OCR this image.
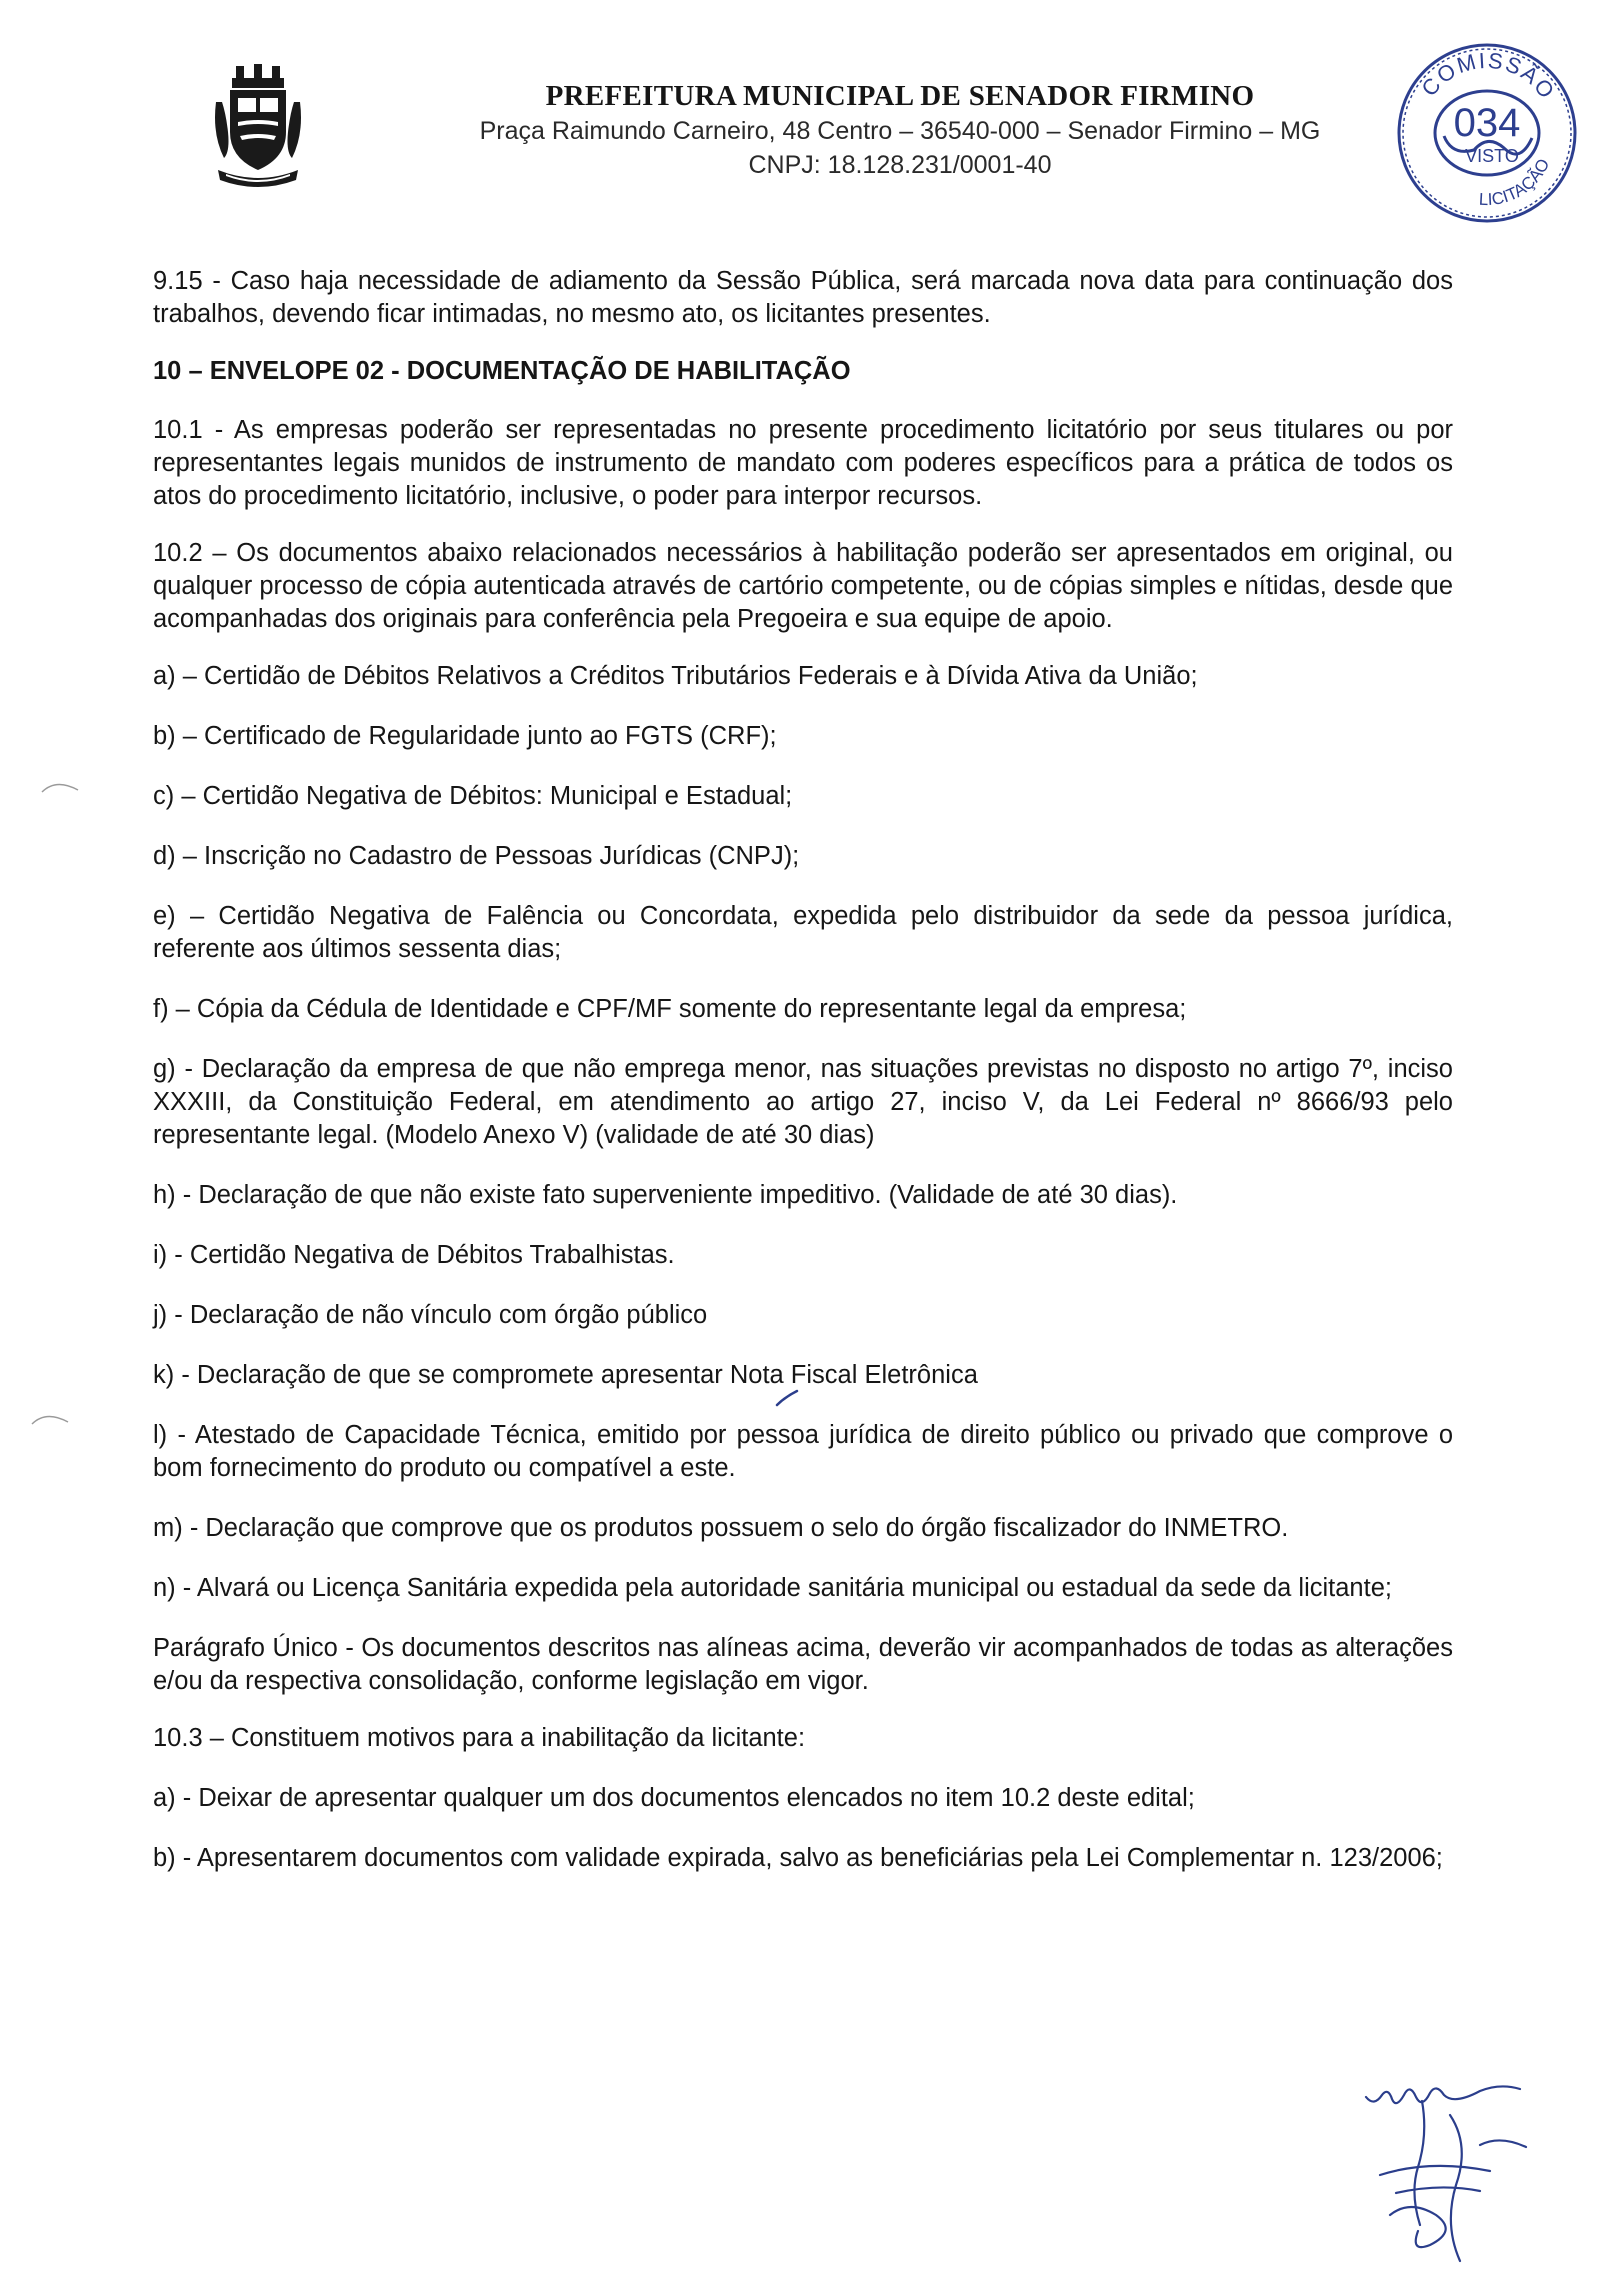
PREFEITURA MUNICIPAL DE SENADOR FIRMINO
Praça Raimundo Carneiro, 48 Centro – 36540-000 – Senador Firmino – MG
CNPJ: 18.128.231/0001-40
COMISSÃO
034
VISTO
LICITAÇÃO

9.15 - Caso haja necessidade de adiamento da Sessão Pública, será marcada nova data para continuação dos trabalhos, devendo ficar intimadas, no mesmo ato, os licitantes presentes.

10 – ENVELOPE 02 - DOCUMENTAÇÃO DE HABILITAÇÃO

10.1 - As empresas poderão ser representadas no presente procedimento licitatório por seus titulares ou por representantes legais munidos de instrumento de mandato com poderes específicos para a prática de todos os atos do procedimento licitatório, inclusive, o poder para interpor recursos.

10.2 – Os documentos abaixo relacionados necessários à habilitação poderão ser apresentados em original, ou qualquer processo de cópia autenticada através de cartório competente, ou de cópias simples e nítidas, desde que acompanhadas dos originais para conferência pela Pregoeira e sua equipe de apoio.

a) – Certidão de Débitos Relativos a Créditos Tributários Federais e à Dívida Ativa da União;

b) – Certificado de Regularidade junto ao FGTS (CRF);

c) – Certidão Negativa de Débitos: Municipal e Estadual;

d) – Inscrição no Cadastro de Pessoas Jurídicas (CNPJ);

e) – Certidão Negativa de Falência ou Concordata, expedida pelo distribuidor da sede da pessoa jurídica, referente aos últimos sessenta dias;

f) – Cópia da Cédula de Identidade e CPF/MF somente do representante legal da empresa;

g) - Declaração da empresa de que não emprega menor, nas situações previstas no disposto no artigo 7º, inciso XXXIII, da Constituição Federal, em atendimento ao artigo 27, inciso V, da Lei Federal nº 8666/93 pelo representante legal. (Modelo Anexo V) (validade de até 30 dias)

h) - Declaração de que não existe fato superveniente impeditivo. (Validade de até 30 dias).

i) - Certidão Negativa de Débitos Trabalhistas.

j) - Declaração de não vínculo com órgão público

k) - Declaração de que se compromete apresentar Nota Fiscal Eletrônica

l) - Atestado de Capacidade Técnica, emitido por pessoa jurídica de direito público ou privado que comprove o bom fornecimento do produto ou compatível a este.

m) - Declaração que comprove que os produtos possuem o selo do órgão fiscalizador do INMETRO.

n) - Alvará ou Licença Sanitária expedida pela autoridade sanitária municipal ou estadual da sede da licitante;

Parágrafo Único - Os documentos descritos nas alíneas acima, deverão vir acompanhados de todas as alterações e/ou da respectiva consolidação, conforme legislação em vigor.

10.3 – Constituem motivos para a inabilitação da licitante:

a) - Deixar de apresentar qualquer um dos documentos elencados no item 10.2 deste edital;

b) - Apresentarem documentos com validade expirada, salvo as beneficiárias pela Lei Complementar n. 123/2006;
